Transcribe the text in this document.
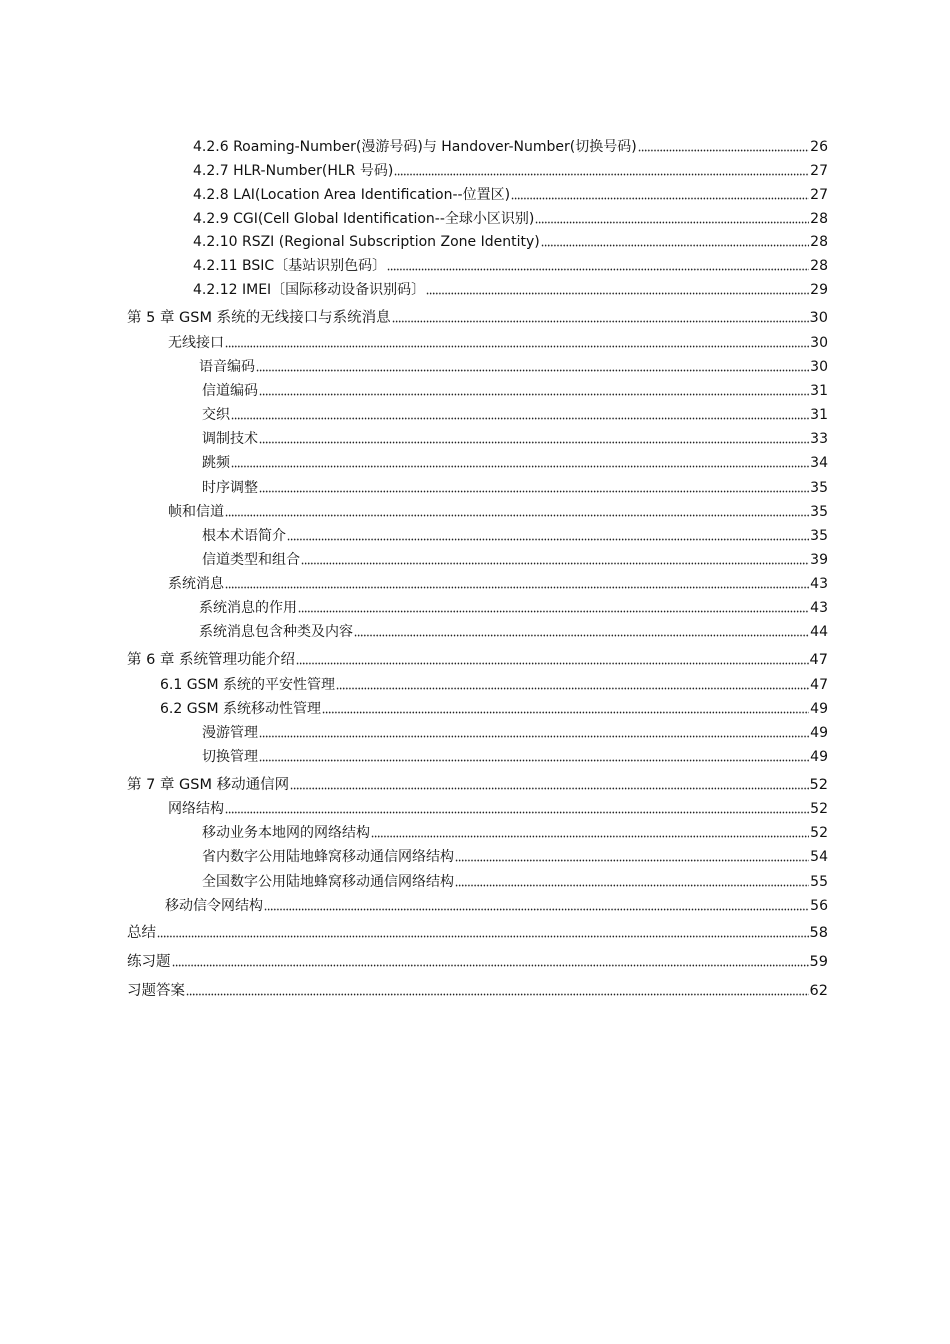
4.2.6 Roaming-Number(漫游号码)与 Handover-Number(切换号码)	26
4.2.7 HLR-Number(HLR 号码)	27
4.2.8 LAI(Location Area Identification--位置区)	27
4.2.9 CGI(Cell Global Identification--全球小区识别)	28
4.2.10 RSZI (Regional Subscription Zone Identity)	28
4.2.11 BSIC〔基站识别色码〕	28
4.2.12 IMEI〔国际移动设备识别码〕	29
第 5 章 GSM 系统的无线接口与系统消息	30
无线接口	30
语音编码	30
信道编码	31
交织	31
调制技术	33
跳频	34
时序调整	35
帧和信道	35
根本术语简介	35
信道类型和组合	39
系统消息	43
系统消息的作用	43
系统消息包含种类及内容	44
第 6 章 系统管理功能介绍	47
6.1 GSM 系统的平安性管理	47
6.2 GSM 系统移动性管理	49
漫游管理	49
切换管理	49
第 7 章 GSM 移动通信网	52
网络结构	52
移动业务本地网的网络结构	52
省内数字公用陆地蜂窝移动通信网络结构	54
全国数字公用陆地蜂窝移动通信网络结构	55
移动信令网结构	56
总结	58
练习题	59
习题答案	62
